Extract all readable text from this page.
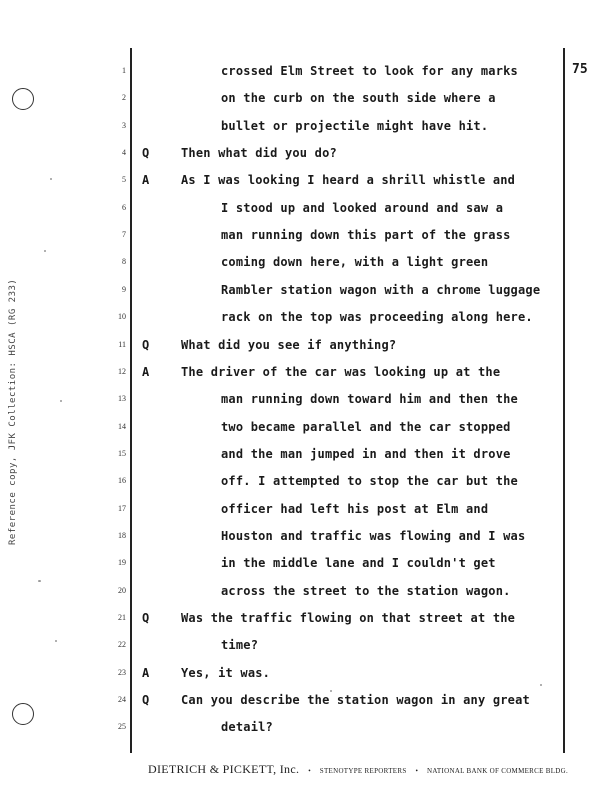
Reference copy, JFK Collection: HSCA (RG 233)
75
1	crossed Elm Street to look for any marks
2	on the curb on the south side where a
3	bullet or projectile might have hit.
4 Q	Then what did you do?
5 A	As I was looking I heard a shrill whistle and
6	I stood up and looked around and saw a
7	man running down this part of the grass
8	coming down here, with a light green
9	Rambler station wagon with a chrome luggage
10	rack on the top was proceeding along here.
11 Q	What did you see if anything?
12 A	The driver of the car was looking up at the
13	man running down toward him and then the
14	two became parallel and the car stopped
15	and the man jumped in and then it drove
16	off. I attempted to stop the car but the
17	officer had left his post at Elm and
18	Houston and traffic was flowing and I was
19	in the middle lane and I couldn't get
20	across the street to the station wagon.
21 Q	Was the traffic flowing on that street at the
22	time?
23 A	Yes, it was.
24 Q	Can you describe the station wagon in any great
25	detail?
DIETRICH & PICKETT, Inc. • STENOTYPE REPORTERS • NATIONAL BANK OF COMMERCE BLDG.
